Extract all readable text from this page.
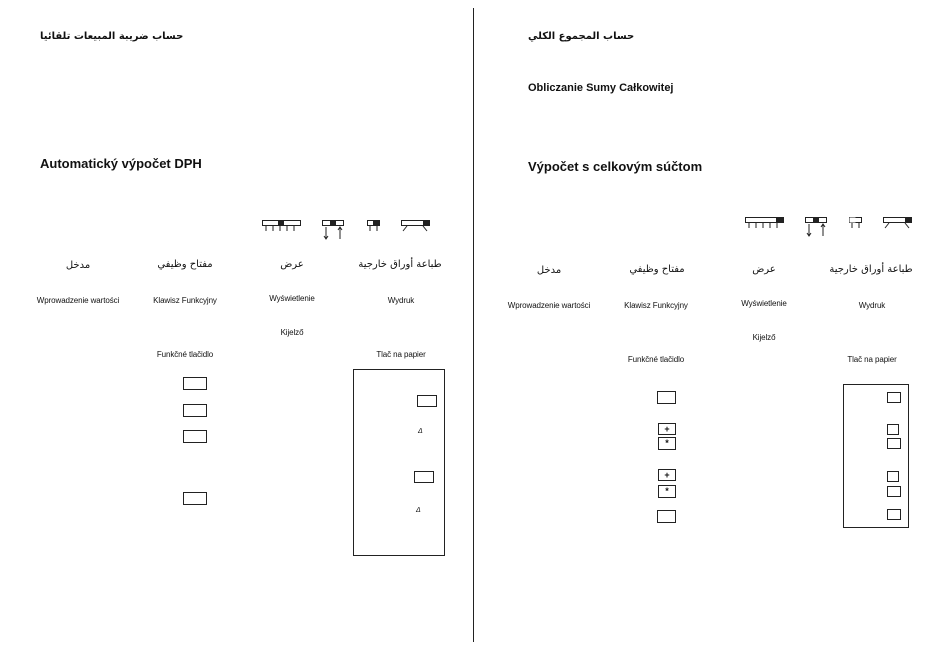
حساب ضريبة المبيعات تلقائيا
Automatický výpočet DPH
مدخل	مفتاح وظيفي	عرض	طباعة أوراق خارجية
Wprowadzenie wartości	Klawisz Funkcyjny	Wyświetlenie	Wydruk
Kijelző
Funkčné tlačidlo	Tlač na papier
Δ
Δ
حساب المجموع الكلي
Obliczanie Sumy Całkowitej
Výpočet s celkovým súčtom
مدخل	مفتاح وظيفي	عرض	طباعة أوراق خارجية
Wprowadzenie wartości	Klawisz Funkcyjny	Wyświetlenie	Wydruk
Kijelző
Funkčné tlačidlo	Tlač na papier
+
*
+
*
